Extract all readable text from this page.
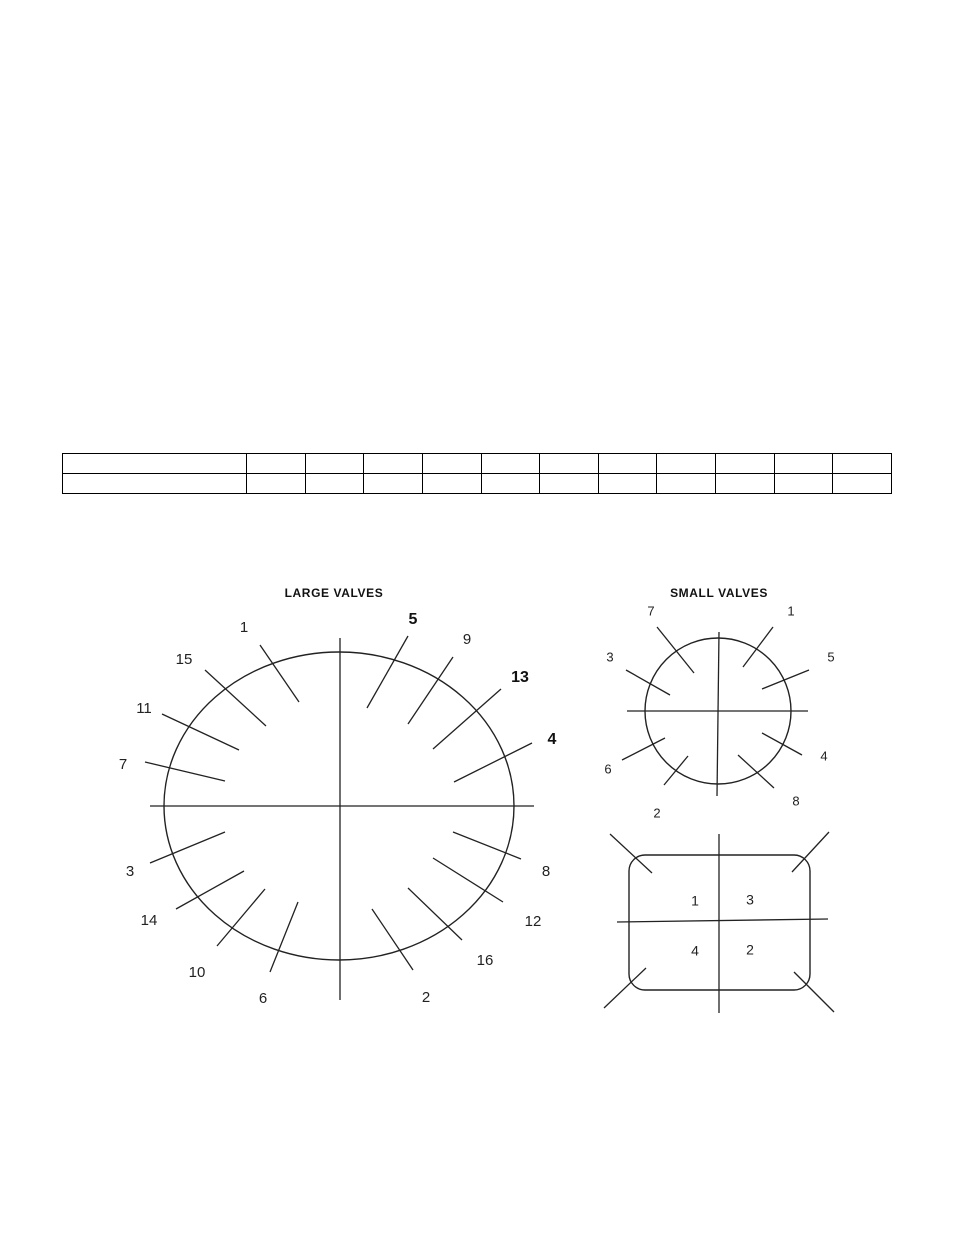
LARGE VALVES
1
15
11
7
3
14
10
6	2
16
12
8
4
13
9
5
SMALL VALVES
7	1
3	5
6
4
2
8
1	3
4	2
